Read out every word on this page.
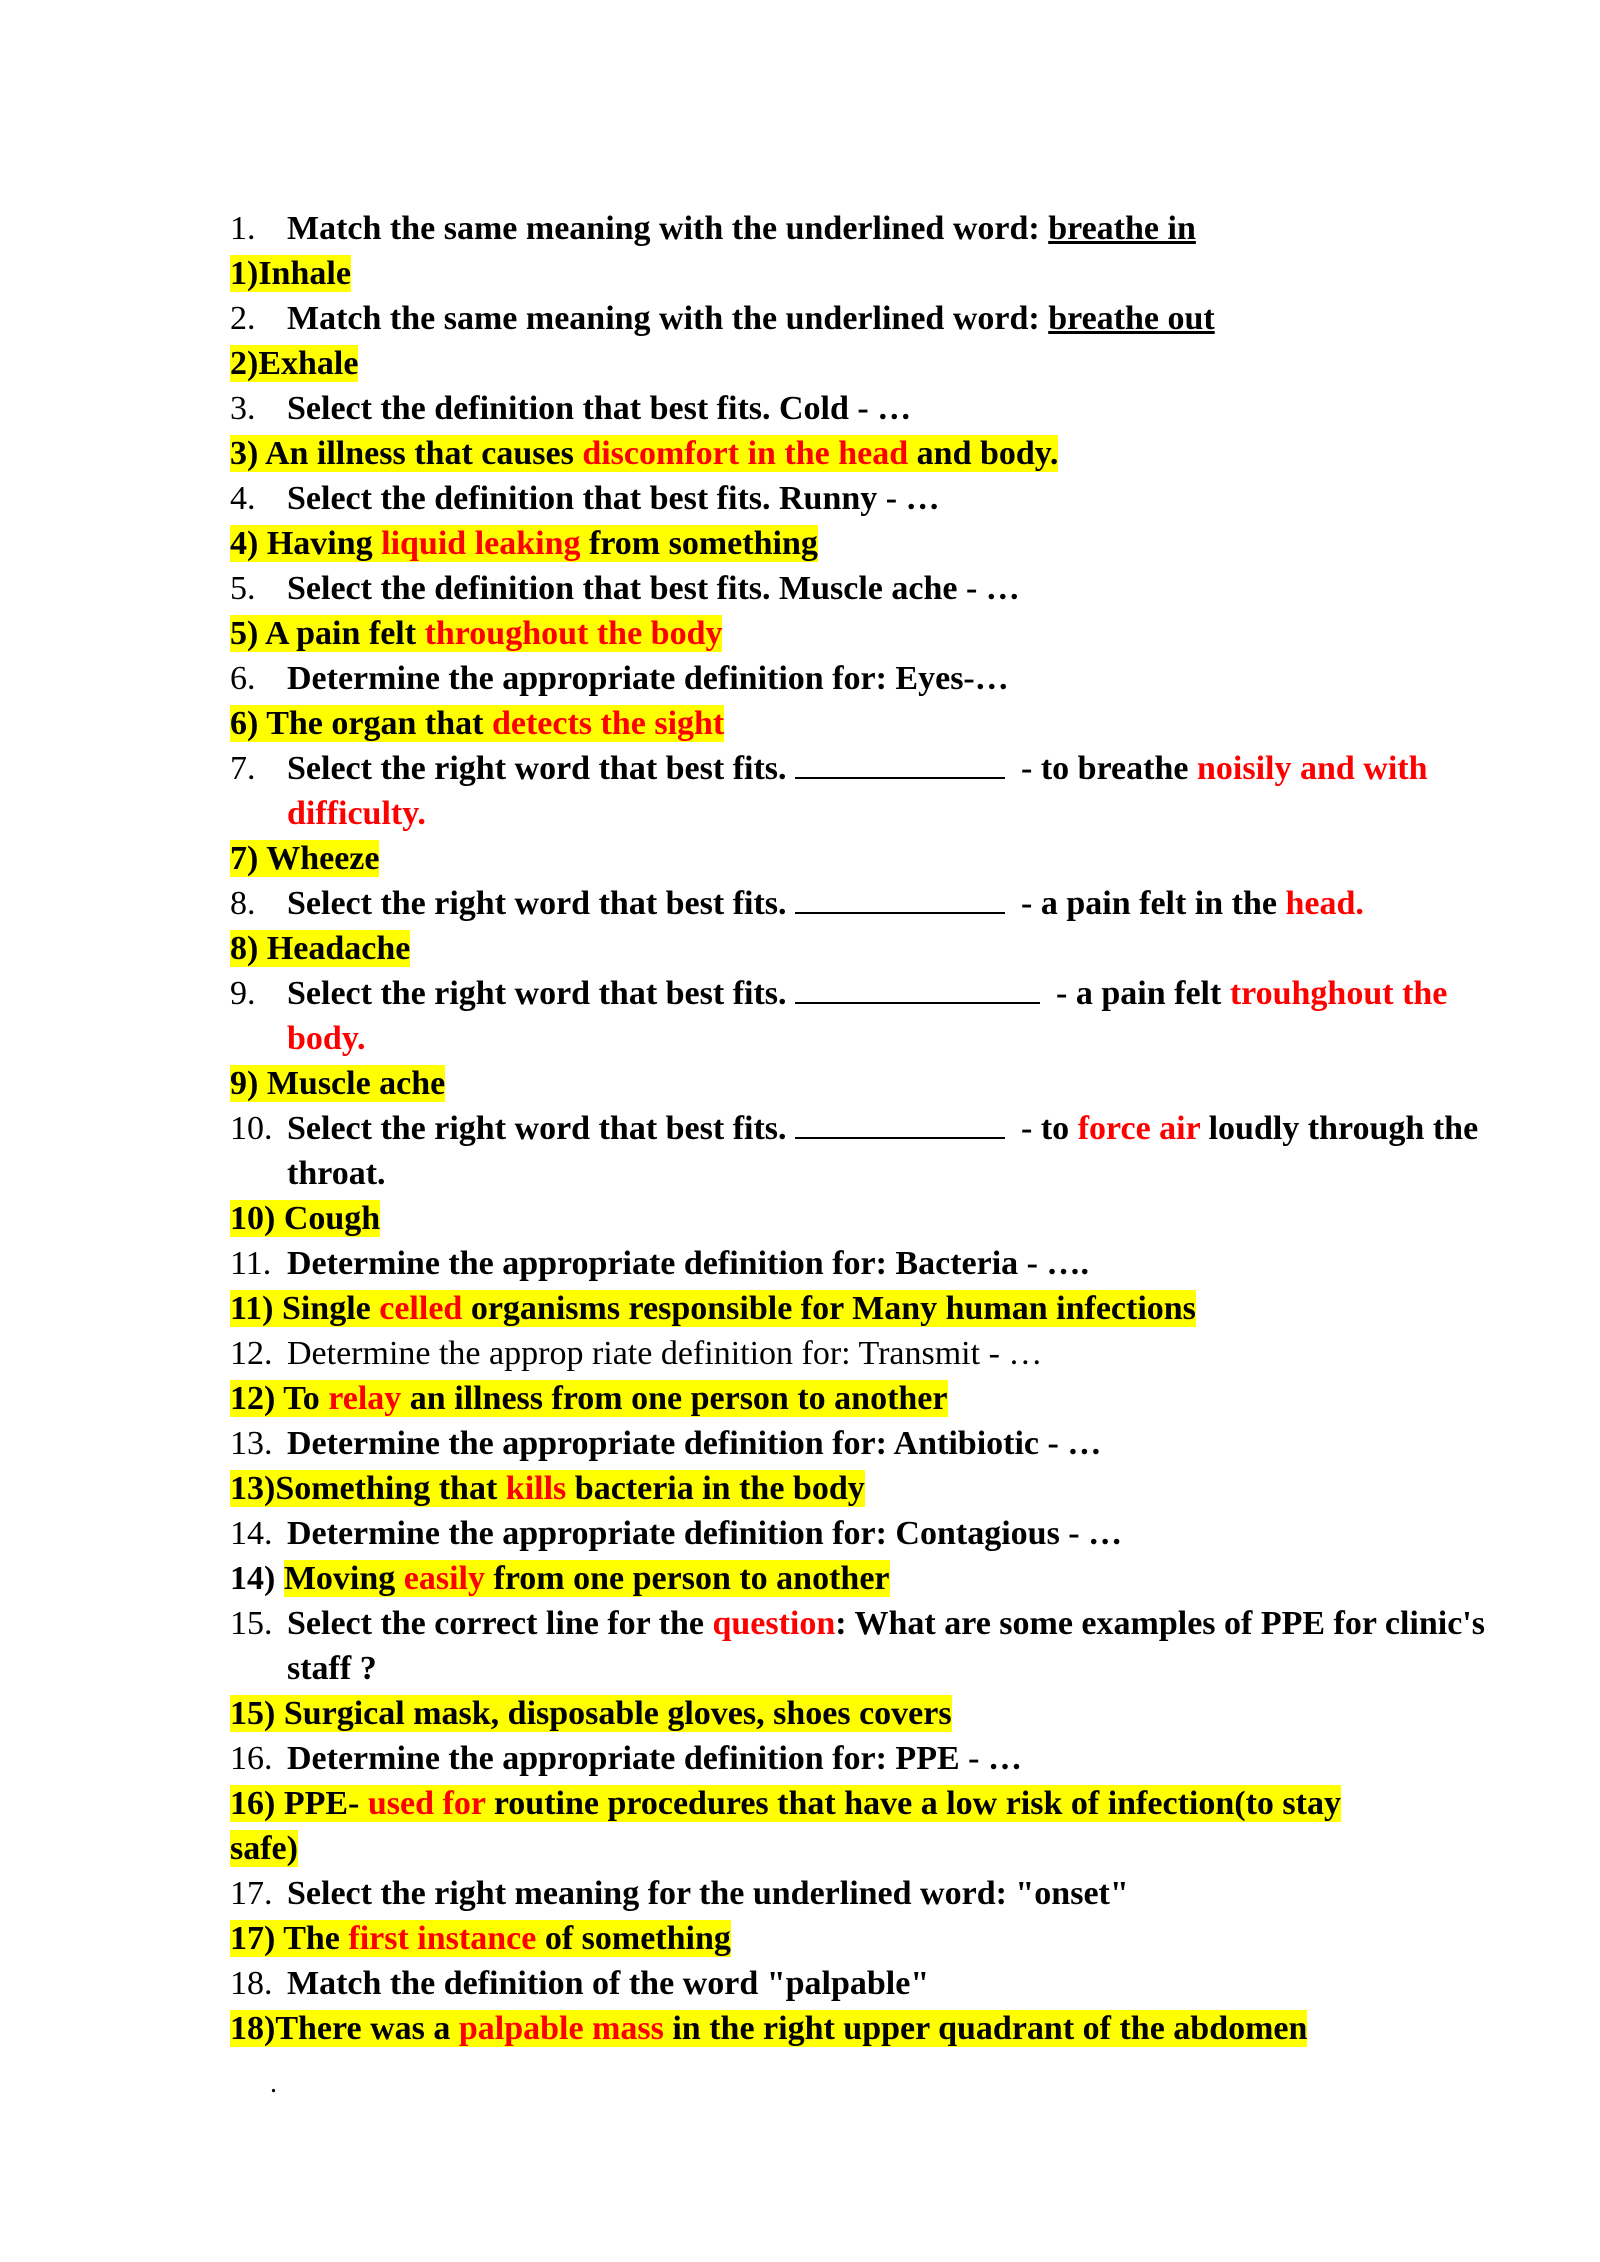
1. Match the same meaning with the underlined word: breathe in
1)Inhale
2. Match the same meaning with the underlined word: breathe out
2)Exhale
3. Select the definition that best fits. Cold - …
3) An illness that causes discomfort in the head and body.
4. Select the definition that best fits. Runny - …
4) Having liquid leaking from something
5. Select the definition that best fits. Muscle ache - …
5) A pain felt throughout the body
6. Determine the appropriate definition for: Eyes-…
6) The organ that detects the sight
7. Select the right word that best fits.	- to breathe noisily and with difficulty.
7) Wheeze
8. Select the right word that best fits.	- a pain felt in the head.
8) Headache
9. Select the right word that best fits.	- a pain felt trouhghout the body.
9) Muscle ache
10. Select the right word that best fits.	- to force air loudly through the throat.
10) Cough
11. Determine the appropriate definition for: Bacteria - ….
11) Single celled organisms responsible for Many human infections
12. Determine the approp riate definition for: Transmit - …
12) To relay an illness from one person to another
13. Determine the appropriate definition for: Antibiotic - …
13)Something that kills bacteria in the body
14. Determine the appropriate definition for: Contagious - …
14) Moving easily from one person to another
15. Select the correct line for the question: What are some examples of PPE for clinic's staff ?
15) Surgical mask, disposable gloves, shoes covers
16. Determine the appropriate definition for: PPE - …
16) PPE- used for routine procedures that have a low risk of infection(to stay
safe)
17. Select the right meaning for the underlined word: "onset"
17) The first instance of something
18. Match the definition of the word "palpable"
18)There was a palpable mass in the right upper quadrant of the abdomen
.
